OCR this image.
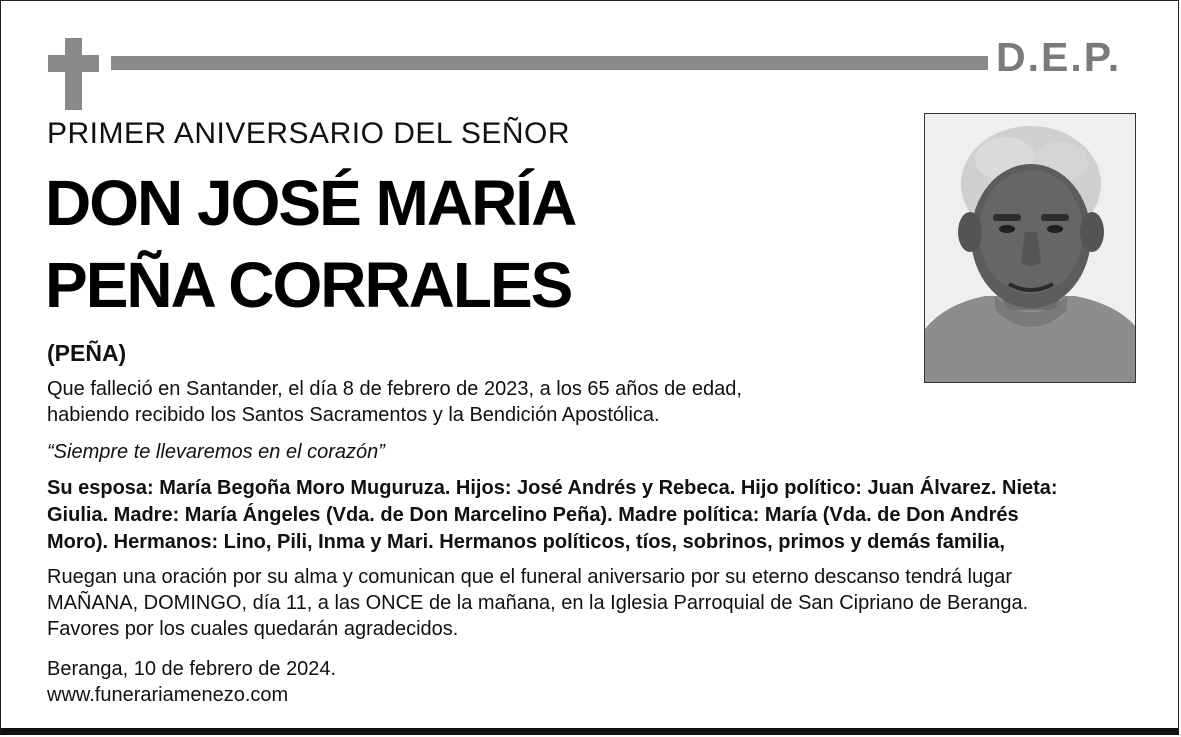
D.E.P.
PRIMER ANIVERSARIO DEL SEÑOR
DON JOSÉ MARÍA
PEÑA CORRALES
(PEÑA)
Que falleció en Santander, el día 8 de febrero de 2023, a los 65 años de edad,
habiendo recibido los Santos Sacramentos y la Bendición Apostólica.
“Siempre te llevaremos en el corazón”
Su esposa: María Begoña Moro Muguruza. Hijos: José Andrés y Rebeca. Hijo político: Juan Álvarez. Nieta:
Giulia. Madre: María Ángeles (Vda. de Don Marcelino Peña). Madre política: María (Vda. de Don Andrés
Moro). Hermanos: Lino, Pili, Inma y Mari. Hermanos políticos, tíos, sobrinos, primos y demás familia,
Ruegan una oración por su alma y comunican que el funeral aniversario por su eterno descanso tendrá lugar
MAÑANA, DOMINGO, día 11, a las ONCE de la mañana, en la Iglesia Parroquial de San Cipriano de Beranga.
Favores por los cuales quedarán agradecidos.
Beranga, 10 de febrero de 2024.
www.funerariamenezo.com
